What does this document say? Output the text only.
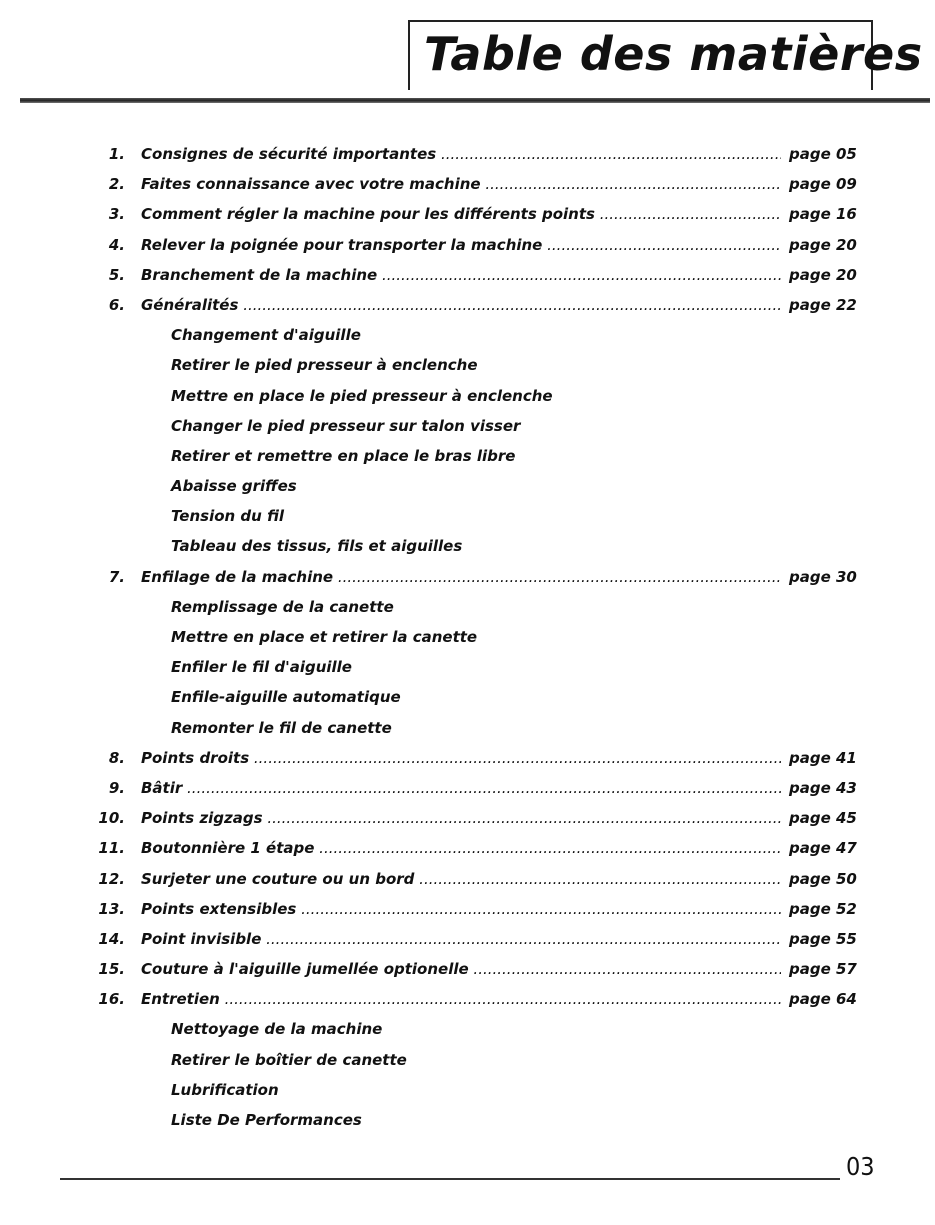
Table des matières
1. Consignes de sécurité importantes .....	page 05
2. Faites connaissance avec votre machine .....	page 09
3. Comment régler la machine pour les différents points .....	page 16
4. Relever la poignée pour transporter la machine .....	page 20
5. Branchement de la machine .....	page 20
6. Généralités .....	page 22
Changement d'aiguille
Retirer le pied presseur à enclenche
Mettre en place le pied presseur à enclenche
Changer le pied presseur sur talon visser
Retirer et remettre en place le bras libre
Abaisse griffes
Tension du fil
Tableau des tissus, fils et aiguilles
7. Enfilage de la machine .....	page 30
Remplissage de la canette
Mettre en place et retirer la canette
Enfiler le fil d'aiguille
Enfile-aiguille automatique
Remonter le fil de canette
8. Points droits .....	page 41
9. Bâtir .....	page 43
10. Points zigzags .....	page 45
11. Boutonnière 1 étape .....	page 47
12. Surjeter une couture ou un bord .....	page 50
13. Points extensibles .....	page 52
14. Point invisible .....	page 55
15. Couture à l'aiguille jumellée optionelle .....	page 57
16. Entretien .....	page 64
Nettoyage de la machine
Retirer le boîtier de canette
Lubrification
Liste De Performances
03
